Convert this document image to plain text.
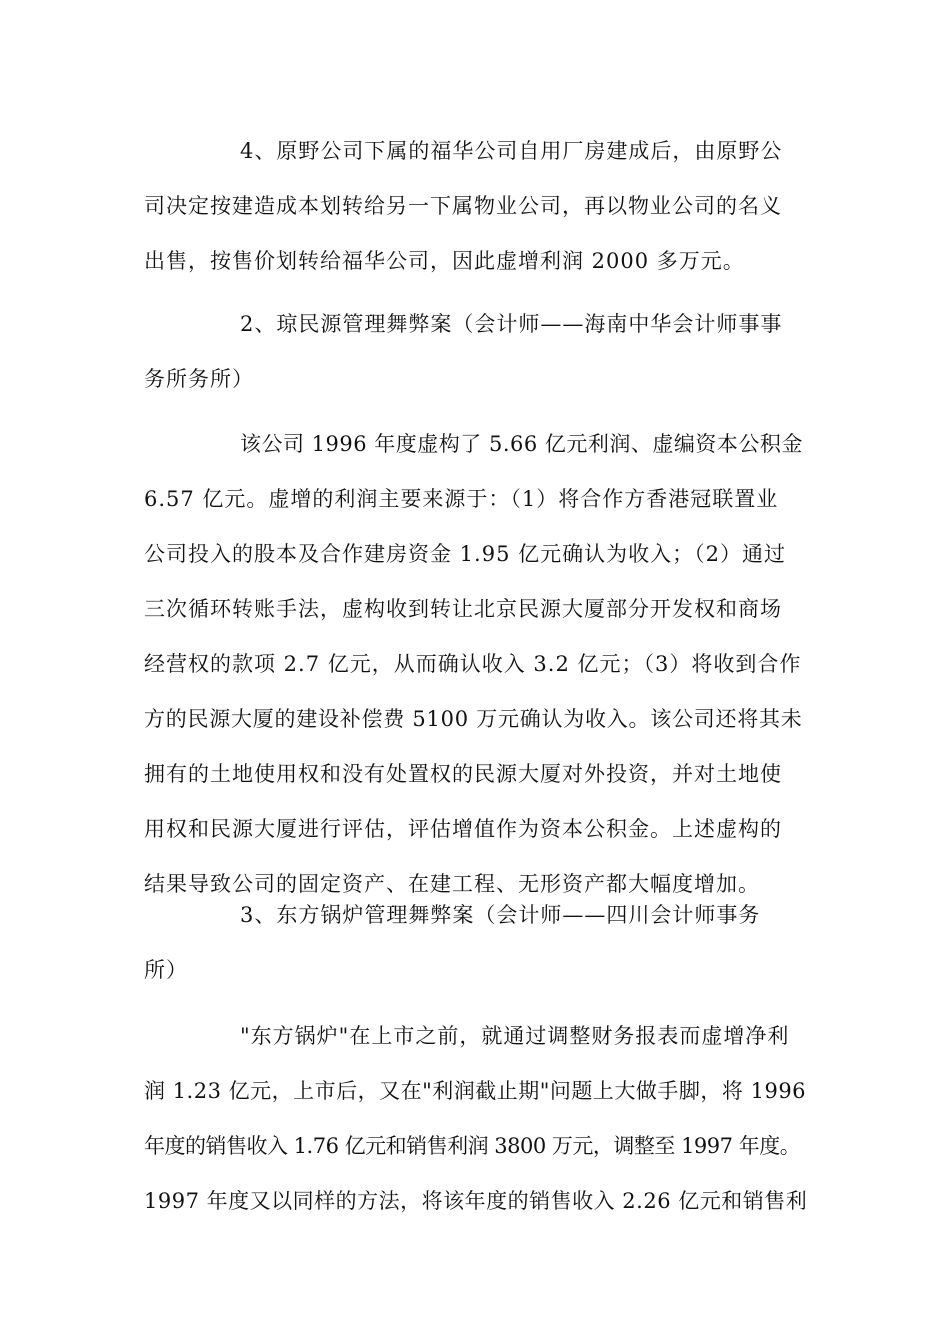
4、原野公司下属的福华公司自用厂房建成后，由原野公
司决定按建造成本划转给另一下属物业公司，再以物业公司的名义
出售，按售价划转给福华公司，因此虚增利润 2000 多万元。

2、琼民源管理舞弊案（会计师——海南中华会计师事事
务所务所）

该公司 1996 年度虚构了 5.66 亿元利润、虚编资本公积金
6.57 亿元。虚增的利润主要来源于：（1）将合作方香港冠联置业
公司投入的股本及合作建房资金 1.95 亿元确认为收入；（2）通过
三次循环转账手法，虚构收到转让北京民源大厦部分开发权和商场
经营权的款项 2.7 亿元，从而确认收入 3.2 亿元；（3）将收到合作
方的民源大厦的建设补偿费 5100 万元确认为收入。该公司还将其未
拥有的土地使用权和没有处置权的民源大厦对外投资，并对土地使
用权和民源大厦进行评估，评估增值作为资本公积金。上述虚构的
结果导致公司的固定资产、在建工程、无形资产都大幅度增加。

3、东方锅炉管理舞弊案（会计师——四川会计师事务
所）

"东方锅炉"在上市之前，就通过调整财务报表而虚增净利
润 1.23 亿元，上市后，又在"利润截止期"问题上大做手脚，将 1996
年度的销售收入 1.76 亿元和销售利润 3800 万元，调整至 1997 年度。
1997 年度又以同样的方法，将该年度的销售收入 2.26 亿元和销售利
